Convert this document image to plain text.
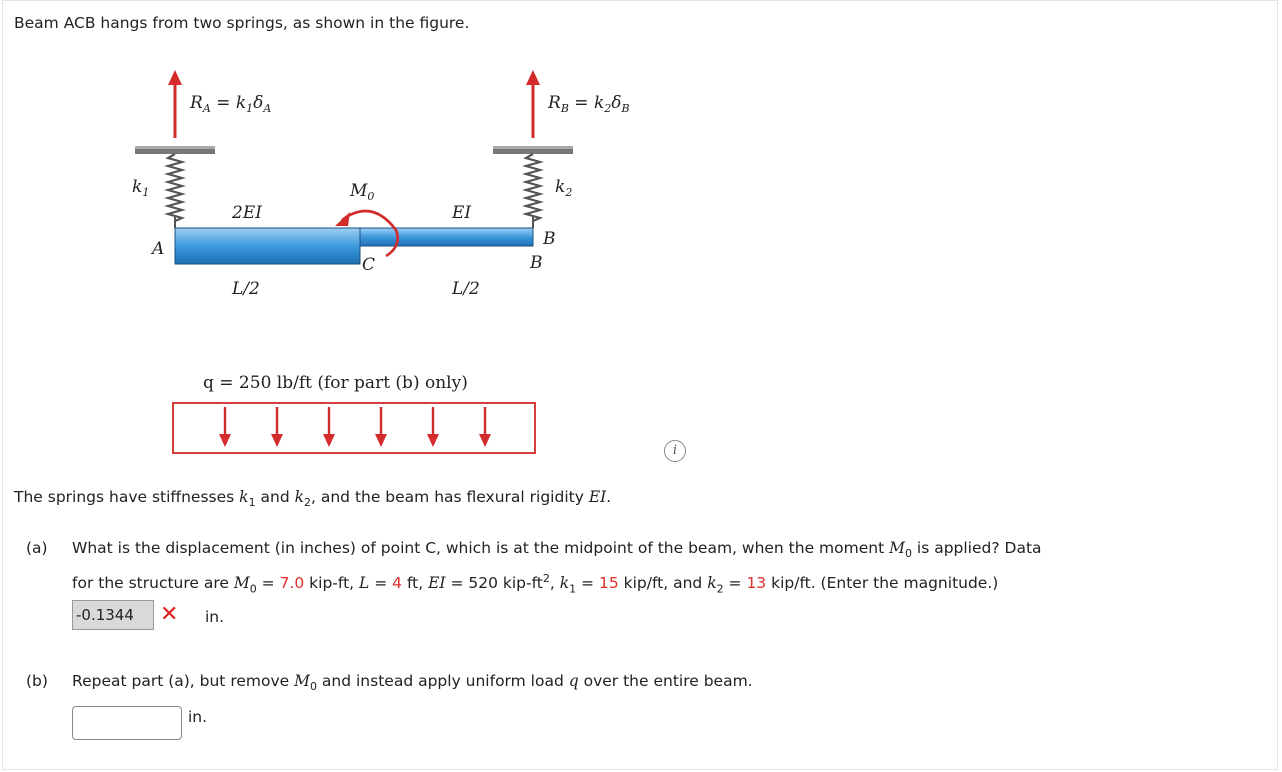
Beam ACB hangs from two springs, as shown in the figure.
$R_A = k_1\delta_A$	$R_B = k_2\delta_B$
$k_1$	$k_2$
A	B
B
C
2EI	EI
$M_0$
L/2	L/2
q = 250 lb/ft (for part (b) only)
i
The springs have stiffnesses $k_1$ and $k_2$, and the beam has flexural rigidity EI.
(a) What is the displacement (in inches) of point C, which is at the midpoint of the beam, when the moment $M_0$ is applied? Data
for the structure are $M_0 = 7.0$ kip-ft, L = 4 ft, EI = 520 kip-$ft^2$, $k_1 = 15$ kip/ft, and $k_2 = 13$ kip/ft. (Enter the magnitude.)
-0.1344	✕ in.
(b) Repeat part (a), but remove $M_0$ and instead apply uniform load q over the entire beam.
in.
